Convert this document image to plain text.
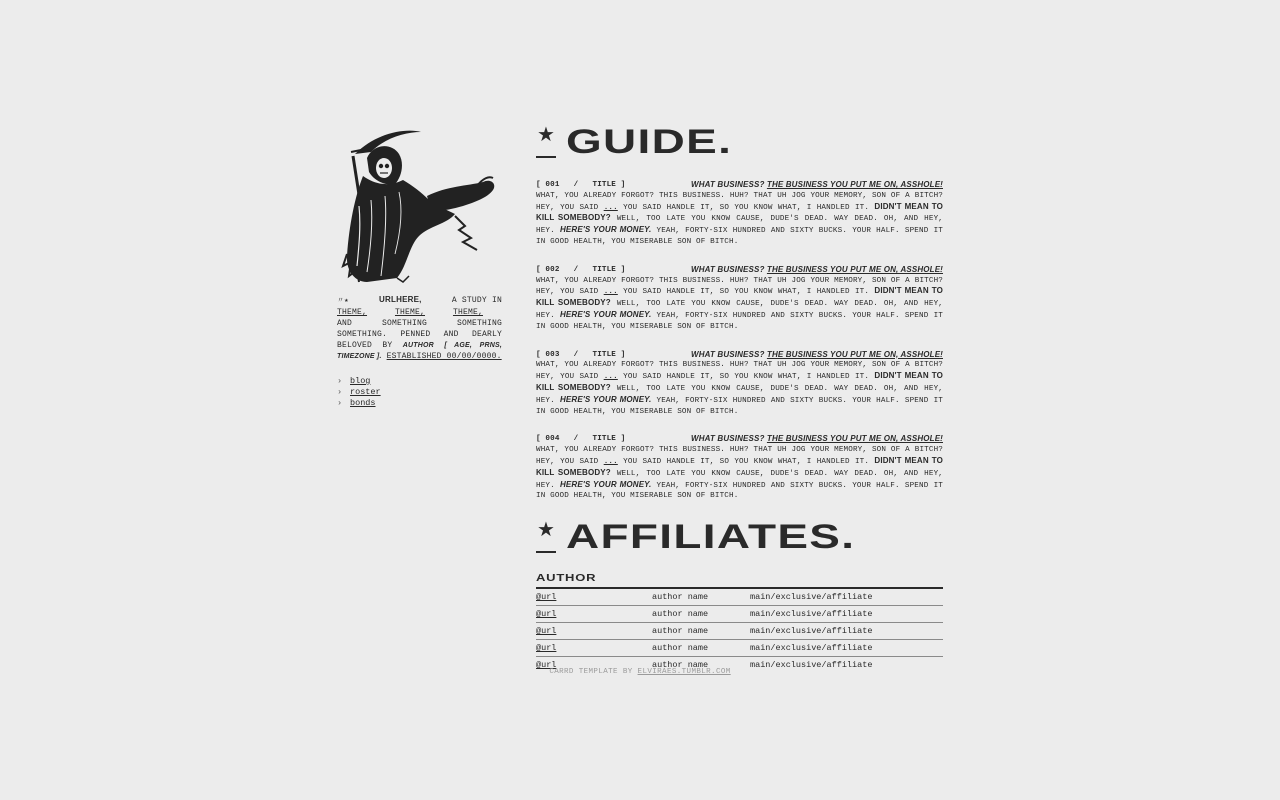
〃★	URLHERE,	A STUDY IN THEME,	THEME,	THEME,    AND	SOMETHING SOMETHING SOMETHING. PENNED AND DEARLY BELOVED BY AUTHOR [ AGE, PRNS, TIMEZONE ]. ESTABLISHED 00/00/0000.
› blog
› roster
› bonds
★ GUIDE.
[ 001   /   TITLE ]	WHAT BUSINESS? THE BUSINESS YOU PUT ME ON, ASSHOLE!
WHAT, YOU ALREADY FORGOT? THIS BUSINESS. HUH? THAT UH JOG YOUR MEMORY, SON OF A BITCH? HEY, YOU SAID ... YOU SAID HANDLE IT, SO YOU KNOW WHAT, I HANDLED IT. DIDN'T MEAN TO KILL SOMEBODY? WELL, TOO LATE YOU KNOW CAUSE, DUDE'S DEAD. WAY DEAD. OH, AND HEY, HEY. HERE'S YOUR MONEY. YEAH, FORTY-SIX HUNDRED AND SIXTY BUCKS. YOUR HALF. SPEND IT IN GOOD HEALTH, YOU MISERABLE SON OF BITCH.
[ 002   /   TITLE ]	WHAT BUSINESS? THE BUSINESS YOU PUT ME ON, ASSHOLE!
WHAT, YOU ALREADY FORGOT? THIS BUSINESS. HUH? THAT UH JOG YOUR MEMORY, SON OF A BITCH? HEY, YOU SAID ... YOU SAID HANDLE IT, SO YOU KNOW WHAT, I HANDLED IT. DIDN'T MEAN TO KILL SOMEBODY? WELL, TOO LATE YOU KNOW CAUSE, DUDE'S DEAD. WAY DEAD. OH, AND HEY, HEY. HERE'S YOUR MONEY. YEAH, FORTY-SIX HUNDRED AND SIXTY BUCKS. YOUR HALF. SPEND IT IN GOOD HEALTH, YOU MISERABLE SON OF BITCH.
[ 003   /   TITLE ]	WHAT BUSINESS? THE BUSINESS YOU PUT ME ON, ASSHOLE!
WHAT, YOU ALREADY FORGOT? THIS BUSINESS. HUH? THAT UH JOG YOUR MEMORY, SON OF A BITCH? HEY, YOU SAID ... YOU SAID HANDLE IT, SO YOU KNOW WHAT, I HANDLED IT. DIDN'T MEAN TO KILL SOMEBODY? WELL, TOO LATE YOU KNOW CAUSE, DUDE'S DEAD. WAY DEAD. OH, AND HEY, HEY. HERE'S YOUR MONEY. YEAH, FORTY-SIX HUNDRED AND SIXTY BUCKS. YOUR HALF. SPEND IT IN GOOD HEALTH, YOU MISERABLE SON OF BITCH.
[ 004   /   TITLE ]	WHAT BUSINESS? THE BUSINESS YOU PUT ME ON, ASSHOLE!
WHAT, YOU ALREADY FORGOT? THIS BUSINESS. HUH? THAT UH JOG YOUR MEMORY, SON OF A BITCH? HEY, YOU SAID ... YOU SAID HANDLE IT, SO YOU KNOW WHAT, I HANDLED IT. DIDN'T MEAN TO KILL SOMEBODY? WELL, TOO LATE YOU KNOW CAUSE, DUDE'S DEAD. WAY DEAD. OH, AND HEY, HEY. HERE'S YOUR MONEY. YEAH, FORTY-SIX HUNDRED AND SIXTY BUCKS. YOUR HALF. SPEND IT IN GOOD HEALTH, YOU MISERABLE SON OF BITCH.
★ AFFILIATES.
AUTHOR
@url	author name	main/exclusive/affiliate
@url	author name	main/exclusive/affiliate
@url	author name	main/exclusive/affiliate
@url	author name	main/exclusive/affiliate
@url	author name	main/exclusive/affiliate
CARRD TEMPLATE BY ELVIRAES.TUMBLR.COM
